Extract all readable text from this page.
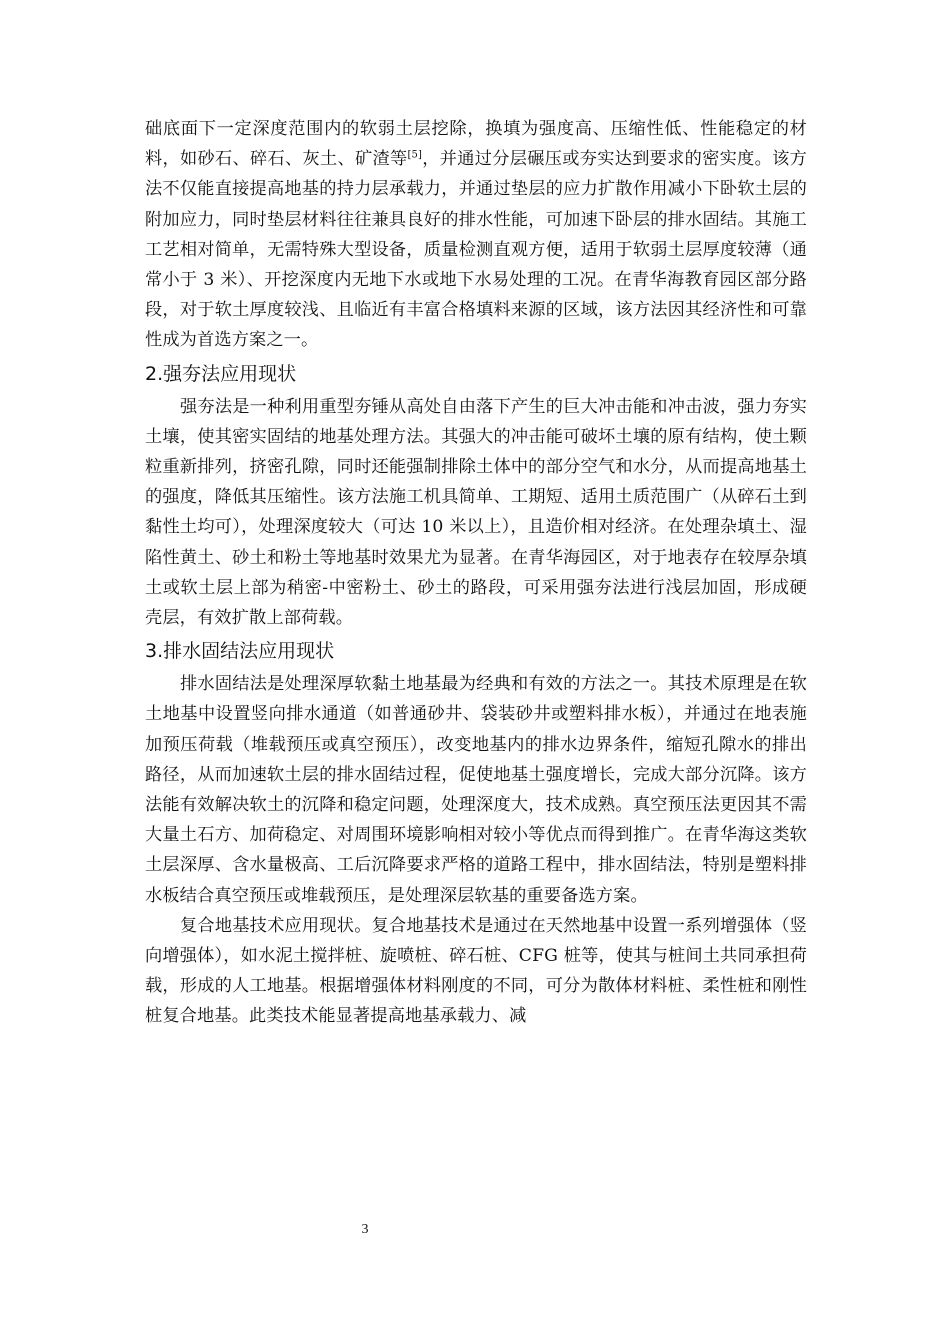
础底面下一定深度范围内的软弱土层挖除，换填为强度高、压缩性低、性能稳定的材料，如砂石、碎石、灰土、矿渣等[5]，并通过分层碾压或夯实达到要求的密实度。该方法不仅能直接提高地基的持力层承载力，并通过垫层的应力扩散作用减小下卧软土层的附加应力，同时垫层材料往往兼具良好的排水性能，可加速下卧层的排水固结。其施工工艺相对简单，无需特殊大型设备，质量检测直观方便，适用于软弱土层厚度较薄（通常小于 3 米）、开挖深度内无地下水或地下水易处理的工况。在青华海教育园区部分路段，对于软土厚度较浅、且临近有丰富合格填料来源的区域，该方法因其经济性和可靠性成为首选方案之一。

2.强夯法应用现状

强夯法是一种利用重型夯锤从高处自由落下产生的巨大冲击能和冲击波，强力夯实土壤，使其密实固结的地基处理方法。其强大的冲击能可破坏土壤的原有结构，使土颗粒重新排列，挤密孔隙，同时还能强制排除土体中的部分空气和水分，从而提高地基土的强度，降低其压缩性。该方法施工机具简单、工期短、适用土质范围广（从碎石土到黏性土均可），处理深度较大（可达 10 米以上），且造价相对经济。在处理杂填土、湿陷性黄土、砂土和粉土等地基时效果尤为显著。在青华海园区，对于地表存在较厚杂填土或软土层上部为稍密-中密粉土、砂土的路段，可采用强夯法进行浅层加固，形成硬壳层，有效扩散上部荷载。

3.排水固结法应用现状

排水固结法是处理深厚软黏土地基最为经典和有效的方法之一。其技术原理是在软土地基中设置竖向排水通道（如普通砂井、袋装砂井或塑料排水板），并通过在地表施加预压荷载（堆载预压或真空预压），改变地基内的排水边界条件，缩短孔隙水的排出路径，从而加速软土层的排水固结过程，促使地基土强度增长，完成大部分沉降。该方法能有效解决软土的沉降和稳定问题，处理深度大，技术成熟。真空预压法更因其不需大量土石方、加荷稳定、对周围环境影响相对较小等优点而得到推广。在青华海这类软土层深厚、含水量极高、工后沉降要求严格的道路工程中，排水固结法，特别是塑料排水板结合真空预压或堆载预压，是处理深层软基的重要备选方案。

复合地基技术应用现状。复合地基技术是通过在天然地基中设置一系列增强体（竖向增强体），如水泥土搅拌桩、旋喷桩、碎石桩、CFG 桩等，使其与桩间土共同承担荷载，形成的人工地基。根据增强体材料刚度的不同，可分为散体材料桩、柔性桩和刚性桩复合地基。此类技术能显著提高地基承载力、减

3
